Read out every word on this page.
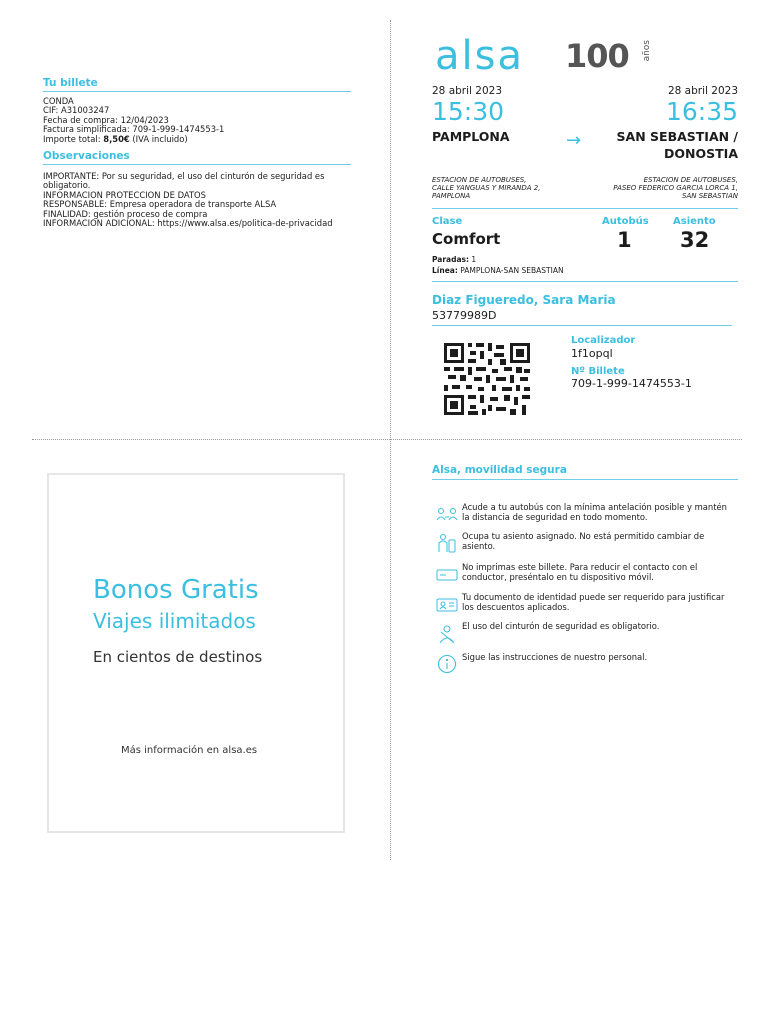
Tu billete
CONDA
CIF: A31003247
Fecha de compra: 12/04/2023
Factura simplificada: 709-1-999-1474553-1
Importe total: 8,50€ (IVA incluido)
Observaciones
IMPORTANTE: Por su seguridad, el uso del cinturón de seguridad es
obligatorio.
INFORMACION PROTECCION DE DATOS
RESPONSABLE: Empresa operadora de transporte ALSA
FINALIDAD: gestión proceso de compra
INFORMACION ADICIONAL: https://www.alsa.es/politica-de-privacidad
alsa 100 años
28 abril 2023	28 abril 2023
15:30	16:35
PAMPLONA	→	SAN SEBASTIAN /
DONOSTIA
ESTACION DE AUTOBUSES,
CALLE YANGUAS Y MIRANDA 2,
PAMPLONA
ESTACION DE AUTOBUSES,
PASEO FEDERICO GARCIA LORCA 1,
SAN SEBASTIAN
Clase	Autobús Asiento
Comfort	1 32
Paradas: 1
Línea: PAMPLONA-SAN SEBASTIAN
Diaz Figueredo, Sara Maria
53779989D
Localizador
1f1opql
Nº Billete
709-1-999-1474553-1
Bonos Gratis
Viajes ilimitados
En cientos de destinos
Más información en alsa.es
Alsa, movilidad segura
Acude a tu autobús con la mínima antelación posible y mantén
la distancia de seguridad en todo momento.
Ocupa tu asiento asignado. No está permitido cambiar de
asiento.
No imprimas este billete. Para reducir el contacto con el
conductor, preséntalo en tu dispositivo móvil.
Tu documento de identidad puede ser requerido para justificar
los descuentos aplicados.
El uso del cinturón de seguridad es obligatorio.
Sigue las instrucciones de nuestro personal.
